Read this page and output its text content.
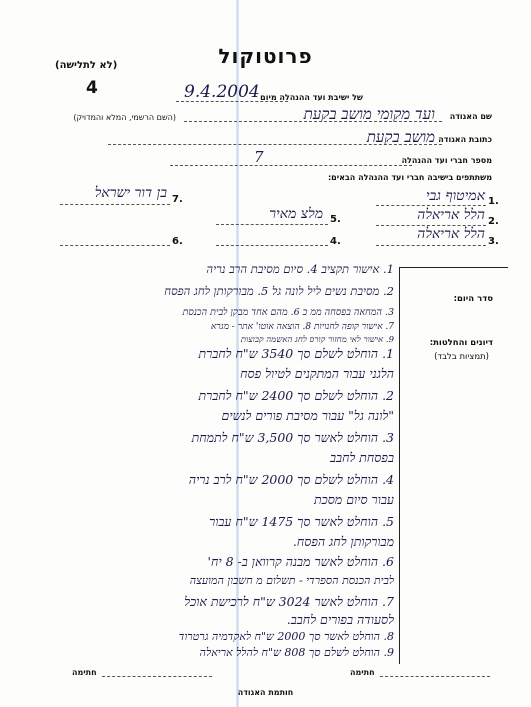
פרוטוקול
(לא לתלישה)
4	של ישיבת ועד ההנהלה מיום
9.4.2004
שם האגודה
ועד מקומי מושב בקעת
(השם הרשמי, המלא והמדויק)
כתובת האגודה
מושב בקעת
מספר חברי ועד ההנהלה
7
משתתפים בישיבה חברי ועד ההנהלה הבאים:
1.
אמיטוף גבי
2.
הלל אריאלה
3.
הלל אריאלה
4.
5.
מלצ מאיר
6.
7.
בן דור ישראל
סדר היום:
דיונים והחלטות:
(תמציות בלבד)
1. אישור תקציב 4. סיום מסיבת הרב נריה
2. מסיבת נשים ליל לונה גל 5. מבורקותן לחג הפסח
3. המחאה בפסחה ממ כ 6. מהם אחד מבקן לבית הכנסת
7. אישור קופה לחנויות 8. הוצאה אוטו' אתר - מגרא
9. אישור לאי מחזור קורס לחג האשמה קבוצות
1. הוחלט לשלם סך 3540 ש"ח לחברת
הלגני עבור המתקנים לטיול פסח
2. הוחלט לשלם סך 2400 ש"ח לחברת
"לונה גל" עבור מסיבת פורים לנשים
3. הוחלט לאשר סך 3,500 ש"ח לתמחת
בפסחת לחבב
4. הוחלט לשלם סך 2000 ש"ח לרב נריה
עבור סיום מסכת
5. הוחלט לאשר סך 1475 ש"ח עבור
מבורקותן לחג הפסח.
6. הוחלט לאשר מבנה קרוואן ב- 8 יח'
לבית הכנסת הספרדי - תשלום מ חשבון המועצה
7. הוחלט לאשר 3024 ש"ח לרכישת אוכל
לסעודה בפורים לחבב.
8. הוחלט לאשר סך 2000 ש"ח לאקדמיה גרטרוד
9. הוחלט לשלם סך 808 ש"ח להלל אריאלה
חתימה	חתימה
חותמת האגודה
